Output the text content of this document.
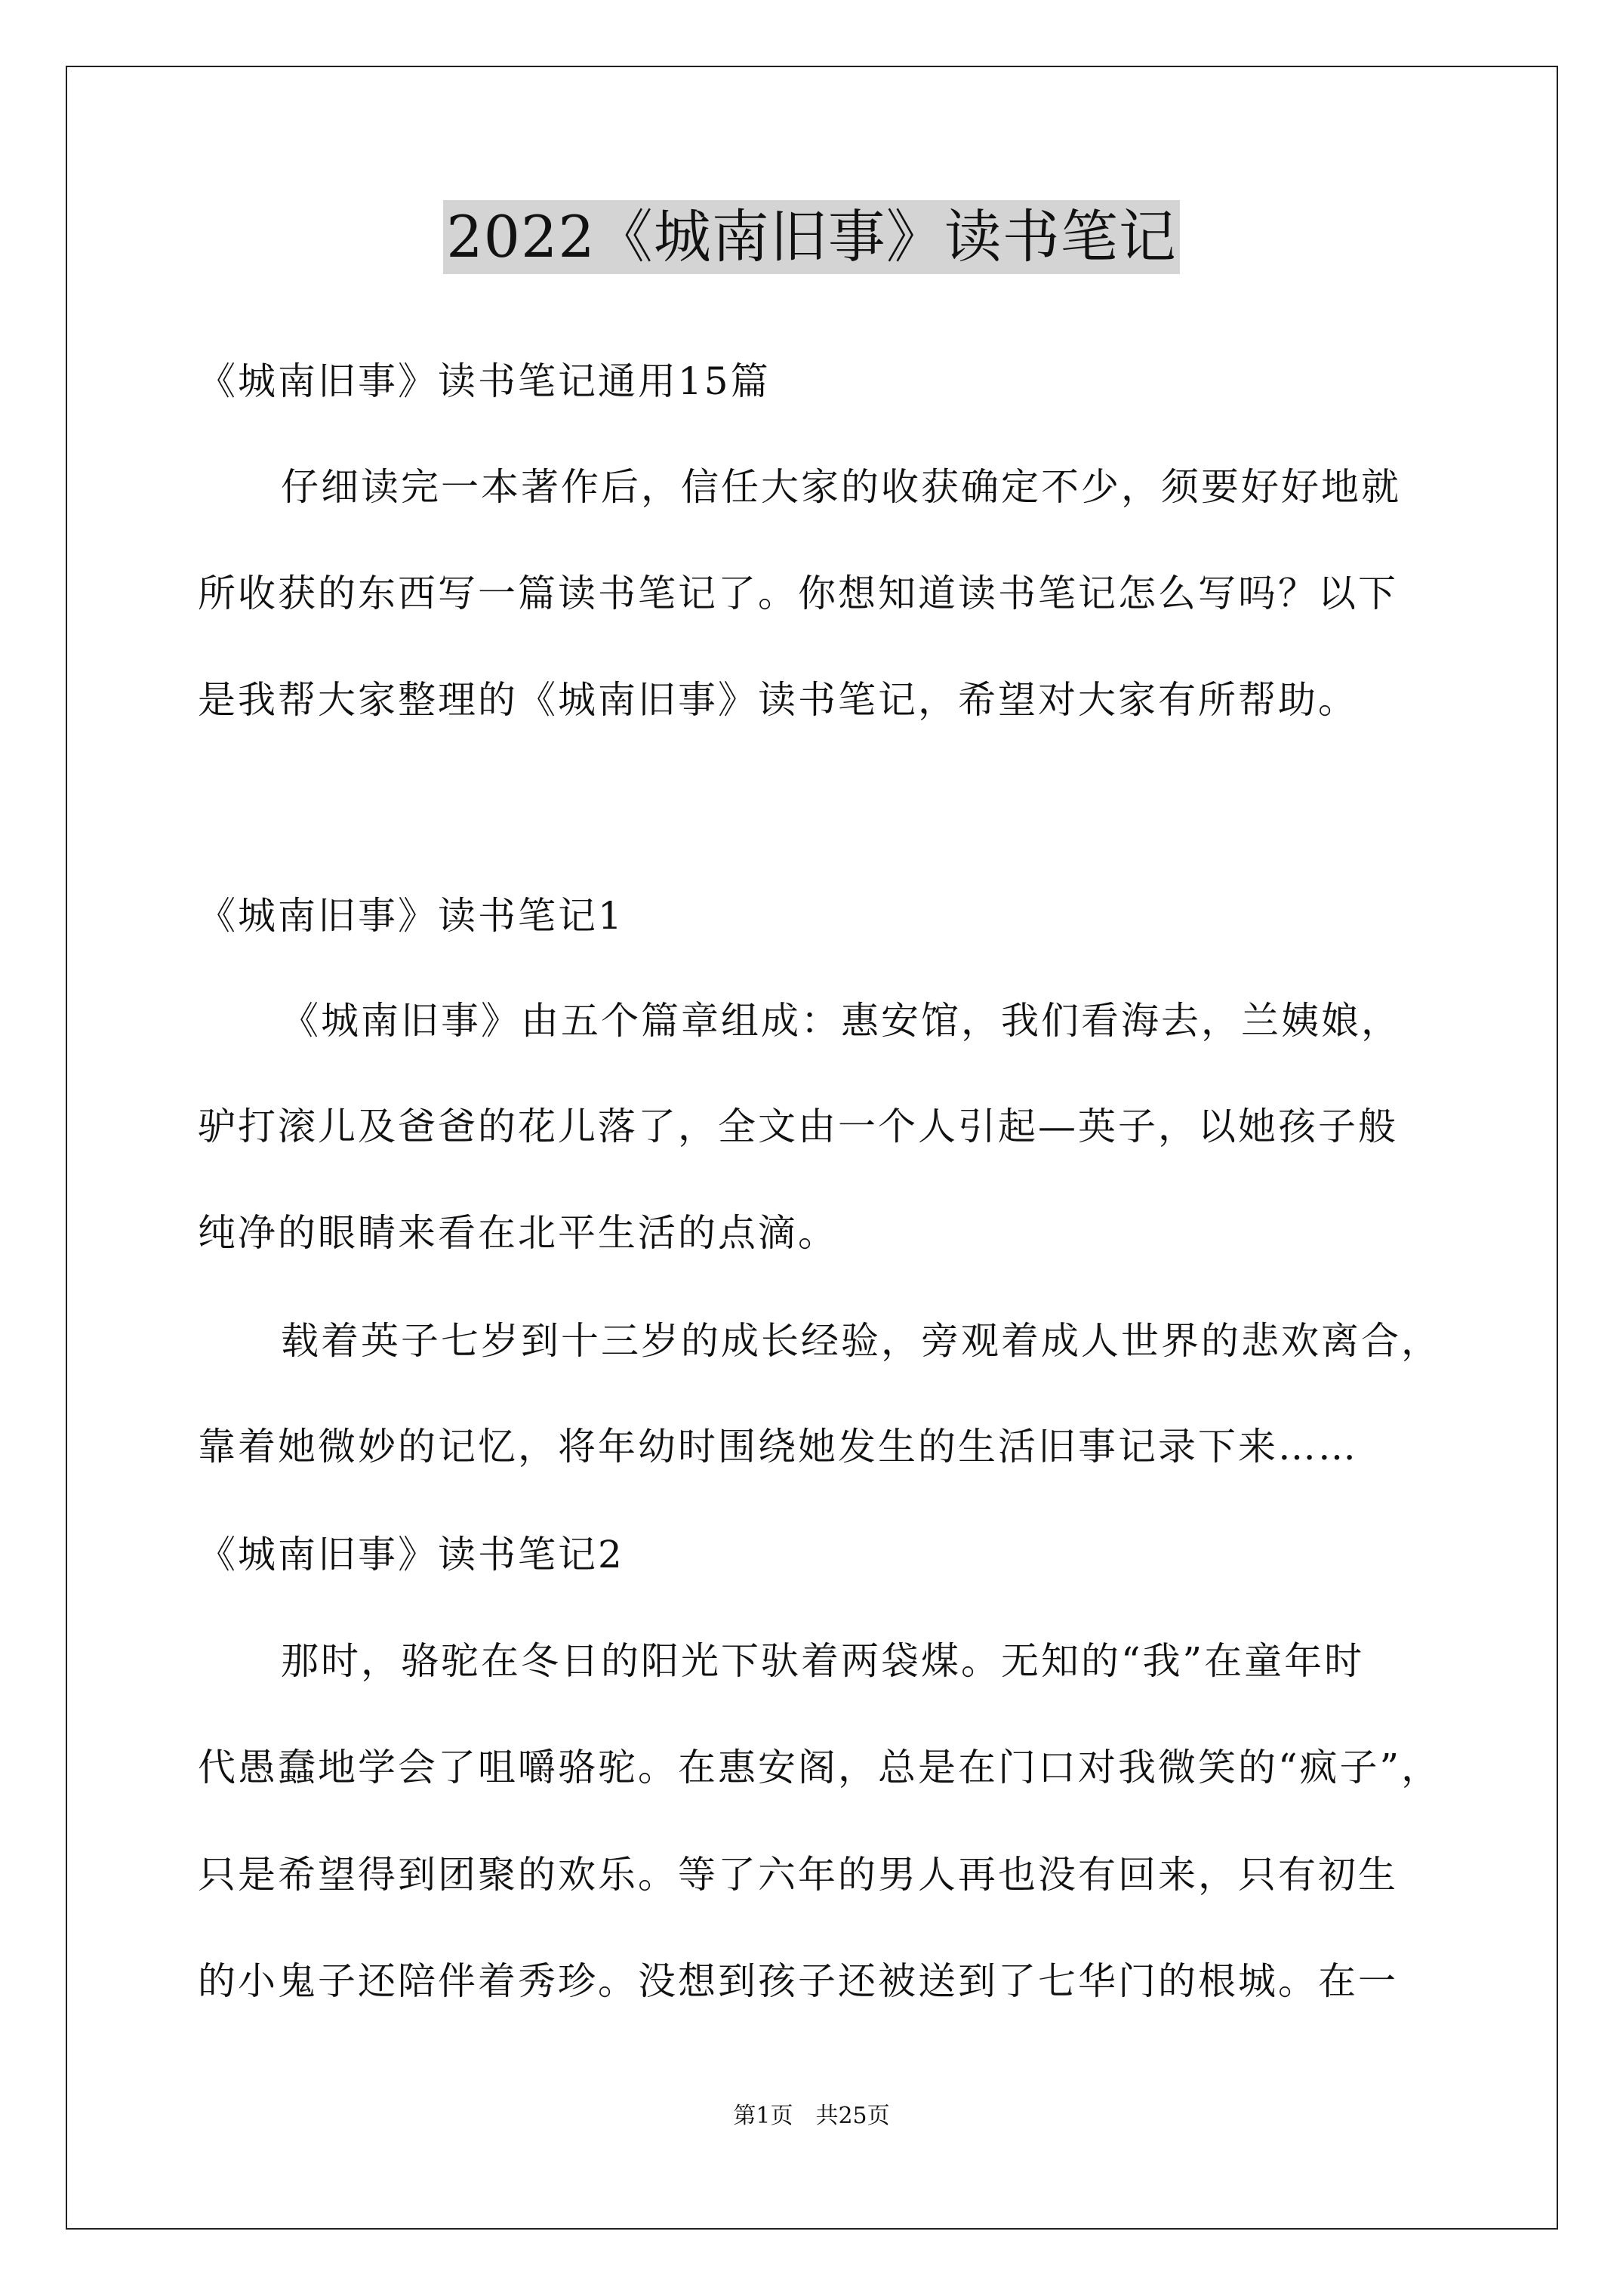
2022《城南旧事》读书笔记
《城南旧事》读书笔记通用15篇
仔细读完一本著作后，信任大家的收获确定不少，须要好好地就
所收获的东西写一篇读书笔记了。你想知道读书笔记怎么写吗？以下
是我帮大家整理的《城南旧事》读书笔记，希望对大家有所帮助。
《城南旧事》读书笔记1
《城南旧事》由五个篇章组成：惠安馆，我们看海去，兰姨娘，
驴打滚儿及爸爸的花儿落了，全文由一个人引起—英子，以她孩子般
纯净的眼睛来看在北平生活的点滴。
载着英子七岁到十三岁的成长经验，旁观着成人世界的悲欢离合，
靠着她微妙的记忆，将年幼时围绕她发生的生活旧事记录下来……
《城南旧事》读书笔记2
那时，骆驼在冬日的阳光下驮着两袋煤。无知的“我”在童年时
代愚蠢地学会了咀嚼骆驼。在惠安阁，总是在门口对我微笑的“疯子”，
只是希望得到团聚的欢乐。等了六年的男人再也没有回来，只有初生
的小鬼子还陪伴着秀珍。没想到孩子还被送到了七华门的根城。在一
第1页　共25页
